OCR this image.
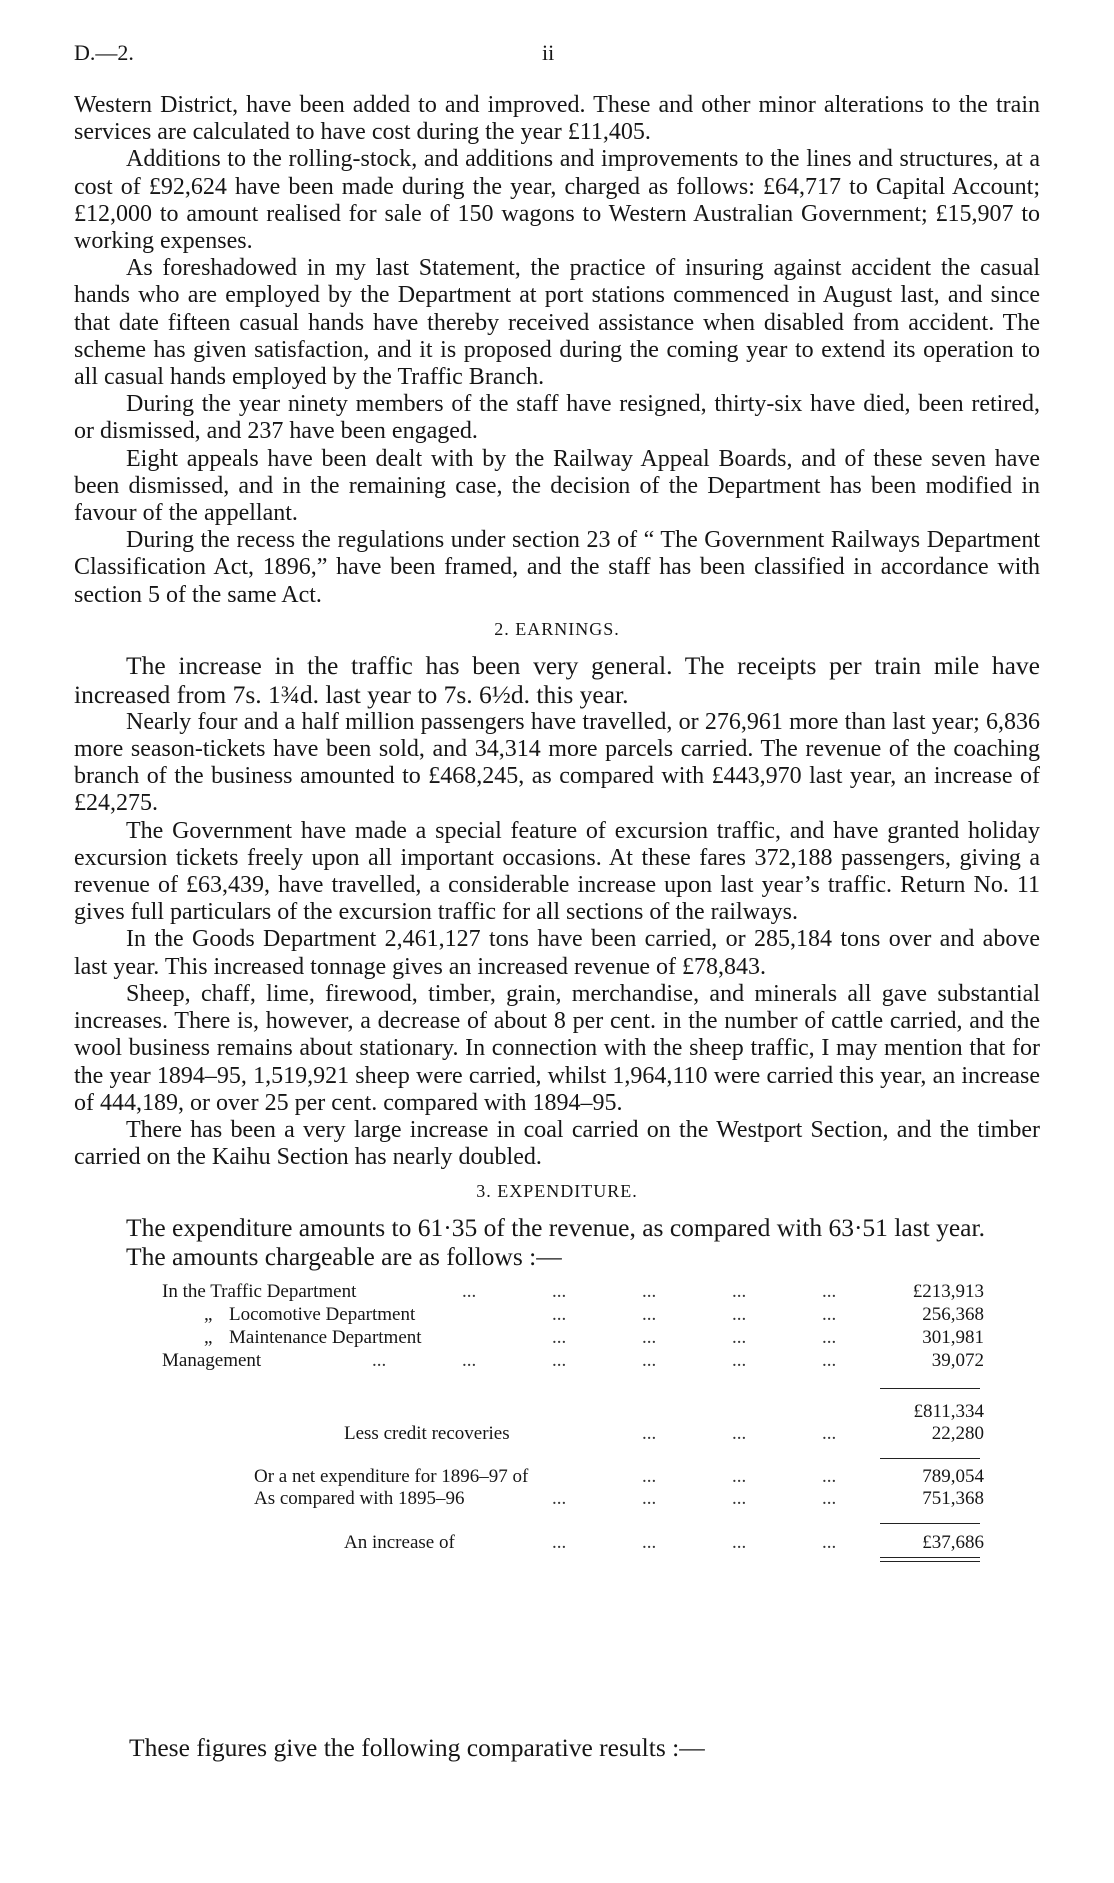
D.—2.	ii

Western District, have been added to and improved. These and other minor alterations to the train services are calculated to have cost during the year £11,405.

Additions to the rolling-stock, and additions and improvements to the lines and structures, at a cost of £92,624 have been made during the year, charged as follows: £64,717 to Capital Account; £12,000 to amount realised for sale of 150 wagons to Western Australian Government; £15,907 to working expenses.

As foreshadowed in my last Statement, the practice of insuring against accident the casual hands who are employed by the Department at port stations commenced in August last, and since that date fifteen casual hands have thereby received assistance when disabled from accident. The scheme has given satisfaction, and it is proposed during the coming year to extend its operation to all casual hands employed by the Traffic Branch.

During the year ninety members of the staff have resigned, thirty-six have died, been retired, or dismissed, and 237 have been engaged.

Eight appeals have been dealt with by the Railway Appeal Boards, and of these seven have been dismissed, and in the remaining case, the decision of the Department has been modified in favour of the appellant.

During the recess the regulations under section 23 of “ The Government Railways Department Classification Act, 1896,” have been framed, and the staff has been classified in accordance with section 5 of the same Act.

2. EARNINGS.

The increase in the traffic has been very general. The receipts per train mile have increased from 7s. 1¾d. last year to 7s. 6½d. this year.

Nearly four and a half million passengers have travelled, or 276,961 more than last year; 6,836 more season-tickets have been sold, and 34,314 more parcels carried. The revenue of the coaching branch of the business amounted to £468,245, as compared with £443,970 last year, an increase of £24,275.

The Government have made a special feature of excursion traffic, and have granted holiday excursion tickets freely upon all important occasions. At these fares 372,188 passengers, giving a revenue of £63,439, have travelled, a considerable increase upon last year’s traffic. Return No. 11 gives full particulars of the excursion traffic for all sections of the railways.

In the Goods Department 2,461,127 tons have been carried, or 285,184 tons over and above last year. This increased tonnage gives an increased revenue of £78,843.

Sheep, chaff, lime, firewood, timber, grain, merchandise, and minerals all gave substantial increases. There is, however, a decrease of about 8 per cent. in the number of cattle carried, and the wool business remains about stationary. In connection with the sheep traffic, I may mention that for the year 1894–95, 1,519,921 sheep were carried, whilst 1,964,110 were carried this year, an increase of 444,189, or over 25 per cent. compared with 1894–95.

There has been a very large increase in coal carried on the Westport Section, and the timber carried on the Kaihu Section has nearly doubled.

3. EXPENDITURE.

The expenditure amounts to 61·35 of the revenue, as compared with 63·51 last year.

The amounts chargeable are as follows :—

In the Traffic Department	...	...	...	...	...	£213,913
„ Locomotive Department	...	...	...	...	256,368
„ Maintenance Department	...	...	...	...	301,981
Management	...	...	...	...	...	...	39,072
£811,334
Less credit recoveries	...	...	...	22,280
Or a net expenditure for 1896–97 of	...	...	...	789,054
As compared with 1895–96	...	...	...	...	751,368
An increase of	...	...	...	...	£37,686
These figures give the following comparative results :—
